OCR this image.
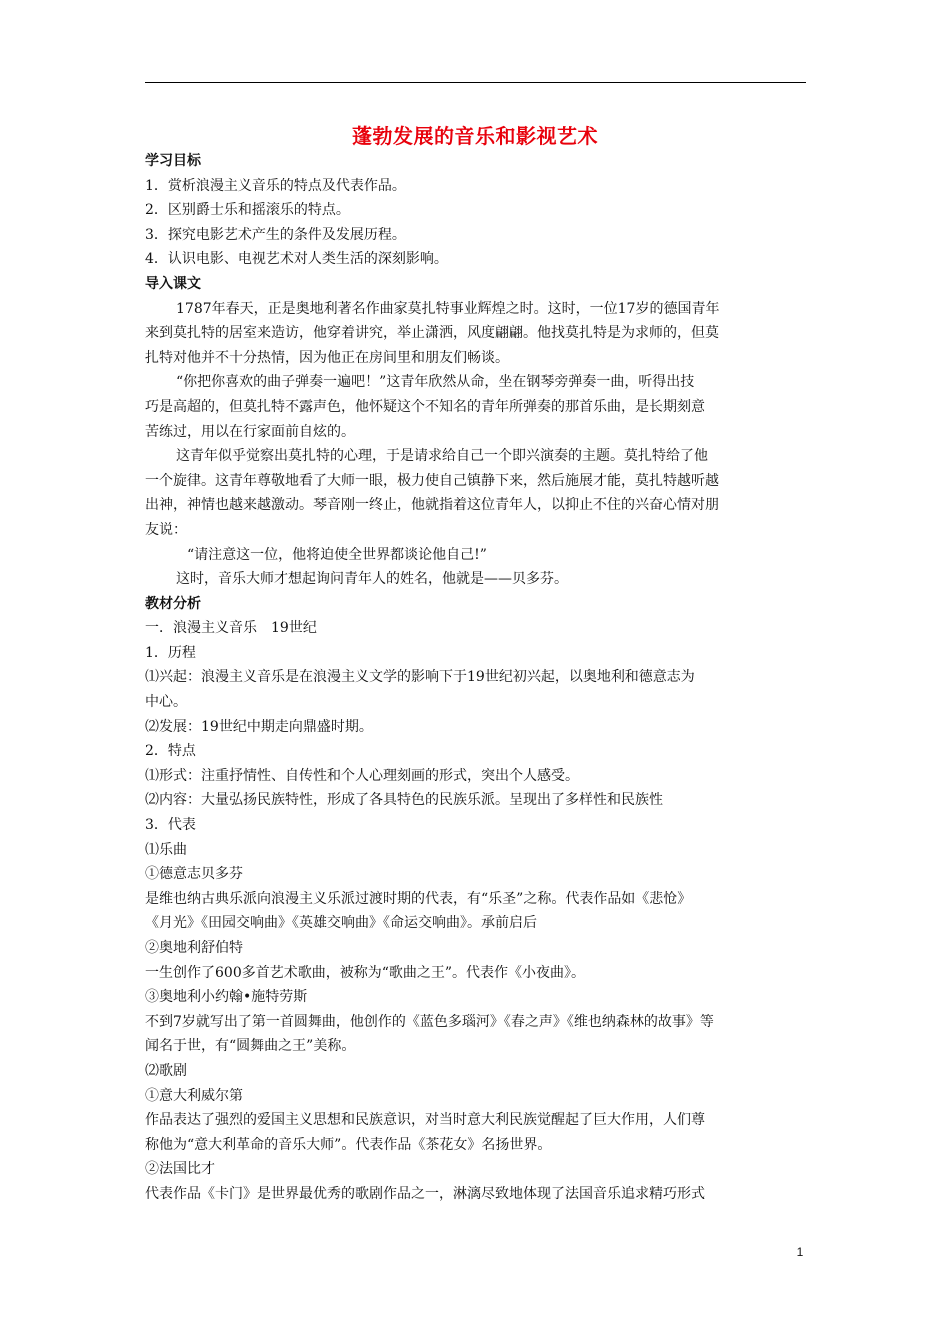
蓬勃发展的音乐和影视艺术
学习目标
1．赏析浪漫主义音乐的特点及代表作品。
2．区别爵士乐和摇滚乐的特点。
3．探究电影艺术产生的条件及发展历程。
4．认识电影、电视艺术对人类生活的深刻影响。
导入课文
1787年春天，正是奥地利著名作曲家莫扎特事业辉煌之时。这时，一位17岁的德国青年
来到莫扎特的居室来造访，他穿着讲究，举止潇洒，风度翩翩。他找莫扎特是为求师的，但莫
扎特对他并不十分热情，因为他正在房间里和朋友们畅谈。
“你把你喜欢的曲子弹奏一遍吧！”这青年欣然从命，坐在钢琴旁弹奏一曲，听得出技
巧是高超的，但莫扎特不露声色，他怀疑这个不知名的青年所弹奏的那首乐曲，是长期刻意
苦练过，用以在行家面前自炫的。
这青年似乎觉察出莫扎特的心理，于是请求给自己一个即兴演奏的主题。莫扎特给了他
一个旋律。这青年尊敬地看了大师一眼，极力使自己镇静下来，然后施展才能，莫扎特越听越
出神，神情也越来越激动。琴音刚一终止，他就指着这位青年人，以抑止不住的兴奋心情对朋
友说：
“请注意这一位，他将迫使全世界都谈论他自己!”
这时，音乐大师才想起询问青年人的姓名，他就是——贝多芬。
教材分析
一．浪漫主义音乐　19世纪
1．历程
⑴兴起：浪漫主义音乐是在浪漫主义文学的影响下于19世纪初兴起，以奥地利和德意志为
中心。
⑵发展：19世纪中期走向鼎盛时期。
2．特点
⑴形式：注重抒情性、自传性和个人心理刻画的形式，突出个人感受。
⑵内容：大量弘扬民族特性，形成了各具特色的民族乐派。呈现出了多样性和民族性
3．代表
⑴乐曲
①德意志贝多芬
是维也纳古典乐派向浪漫主义乐派过渡时期的代表，有“乐圣”之称。代表作品如《悲怆》
《月光》《田园交响曲》《英雄交响曲》《命运交响曲》。承前启后
②奥地利舒伯特
一生创作了600多首艺术歌曲，被称为“歌曲之王”。代表作《小夜曲》。
③奥地利小约翰•施特劳斯
不到7岁就写出了第一首圆舞曲，他创作的《蓝色多瑙河》《春之声》《维也纳森林的故事》等
闻名于世，有“圆舞曲之王”美称。
⑵歌剧
①意大利威尔第
作品表达了强烈的爱国主义思想和民族意识，对当时意大利民族觉醒起了巨大作用，人们尊
称他为“意大利革命的音乐大师”。代表作品《茶花女》名扬世界。
②法国比才
代表作品《卡门》是世界最优秀的歌剧作品之一，淋漓尽致地体现了法国音乐追求精巧形式
1
